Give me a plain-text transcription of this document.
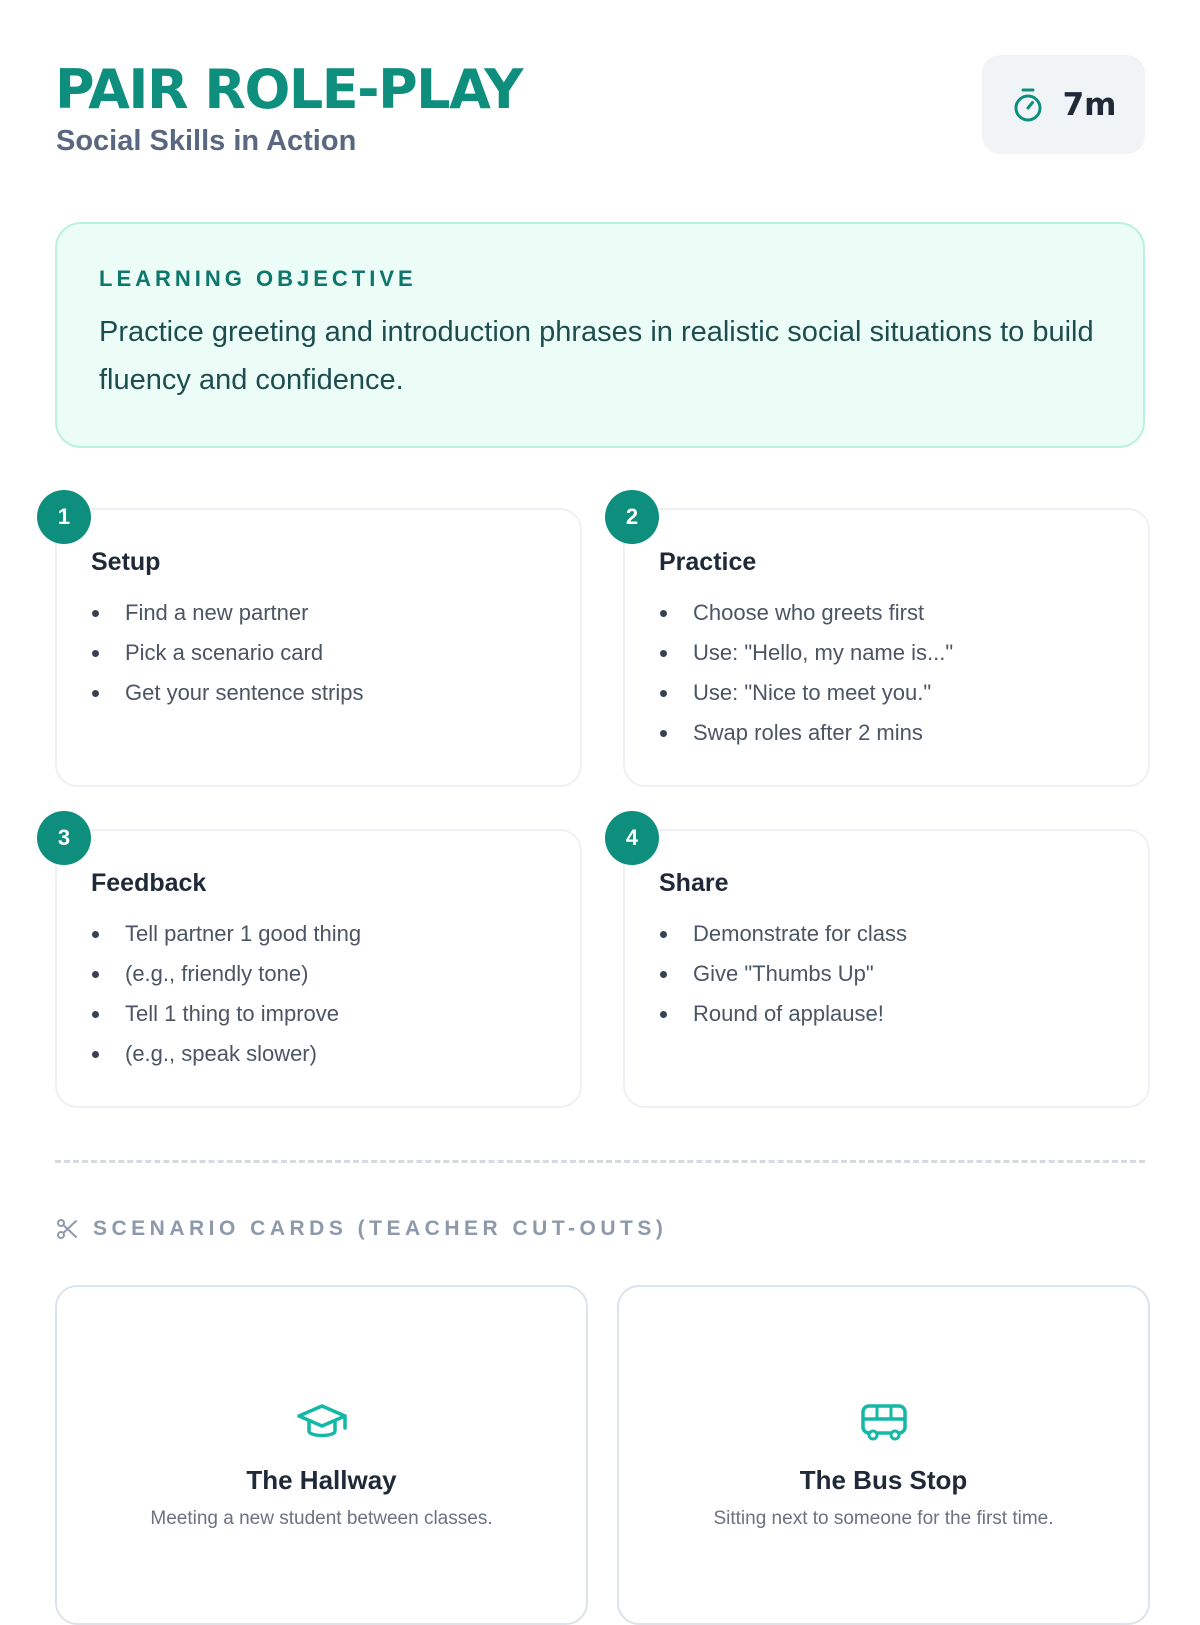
PAIR ROLE-PLAY
Social Skills in Action
7m
LEARNING OBJECTIVE
Practice greeting and introduction phrases in realistic social situations to build fluency and confidence.
1
Setup
Find a new partner
Pick a scenario card
Get your sentence strips
2
Practice
Choose who greets first
Use: "Hello, my name is..."
Use: "Nice to meet you."
Swap roles after 2 mins
3
Feedback
Tell partner 1 good thing
(e.g., friendly tone)
Tell 1 thing to improve
(e.g., speak slower)
4
Share
Demonstrate for class
Give "Thumbs Up"
Round of applause!
SCENARIO CARDS (TEACHER CUT-OUTS)
The Hallway
Meeting a new student between classes.
The Bus Stop
Sitting next to someone for the first time.
